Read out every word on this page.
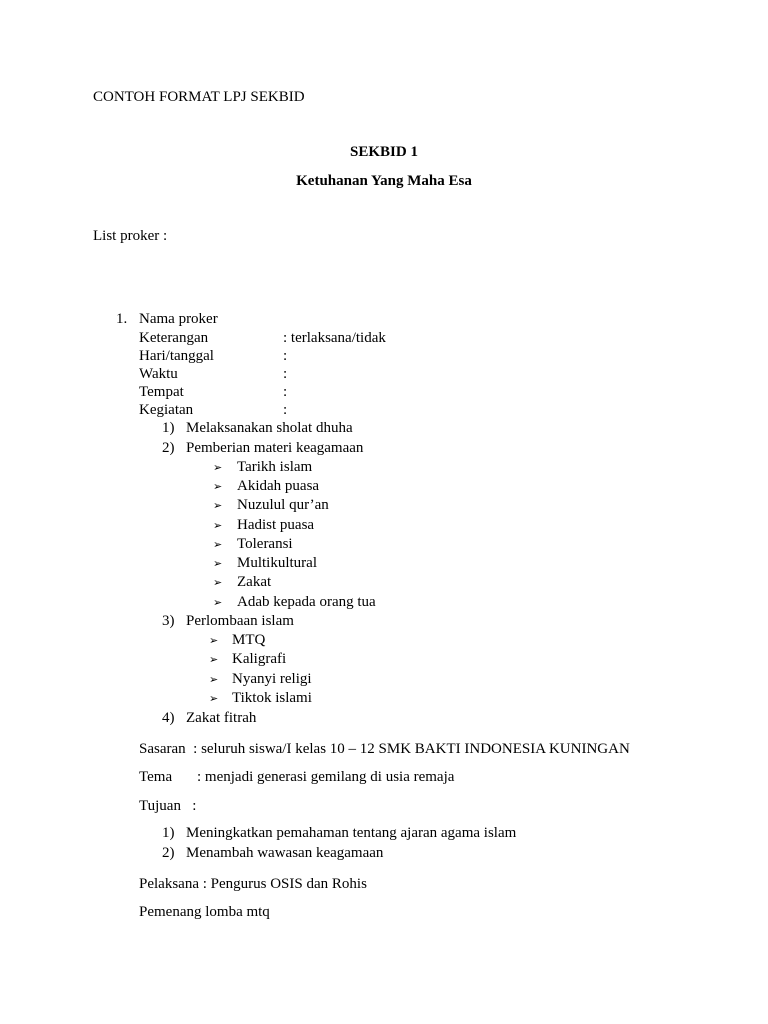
CONTOH FORMAT LPJ SEKBID
SEKBID 1
Ketuhanan Yang Maha Esa
List proker :
1. Nama proker
Keterangan	: terlaksana/tidak
Hari/tanggal	:
Waktu	:
Tempat	:
Kegiatan	:
1) Melaksanakan sholat dhuha
2) Pemberian materi keagamaan
➢ Tarikh islam
➢ Akidah puasa
➢ Nuzulul qur’an
➢ Hadist puasa
➢ Toleransi
➢ Multikultural
➢ Zakat
➢ Adab kepada orang tua
3) Perlombaan islam
➢ MTQ
➢ Kaligrafi
➢ Nyanyi religi
➢ Tiktok islami
4) Zakat fitrah
Sasaran  : seluruh siswa/I kelas 10 – 12 SMK BAKTI INDONESIA KUNINGAN
Tema : menjadi generasi gemilang di usia remaja
Tujuan   :
1) Meningkatkan pemahaman tentang ajaran agama islam
2) Menambah wawasan keagamaan
Pelaksana : Pengurus OSIS dan Rohis
Pemenang lomba mtq
